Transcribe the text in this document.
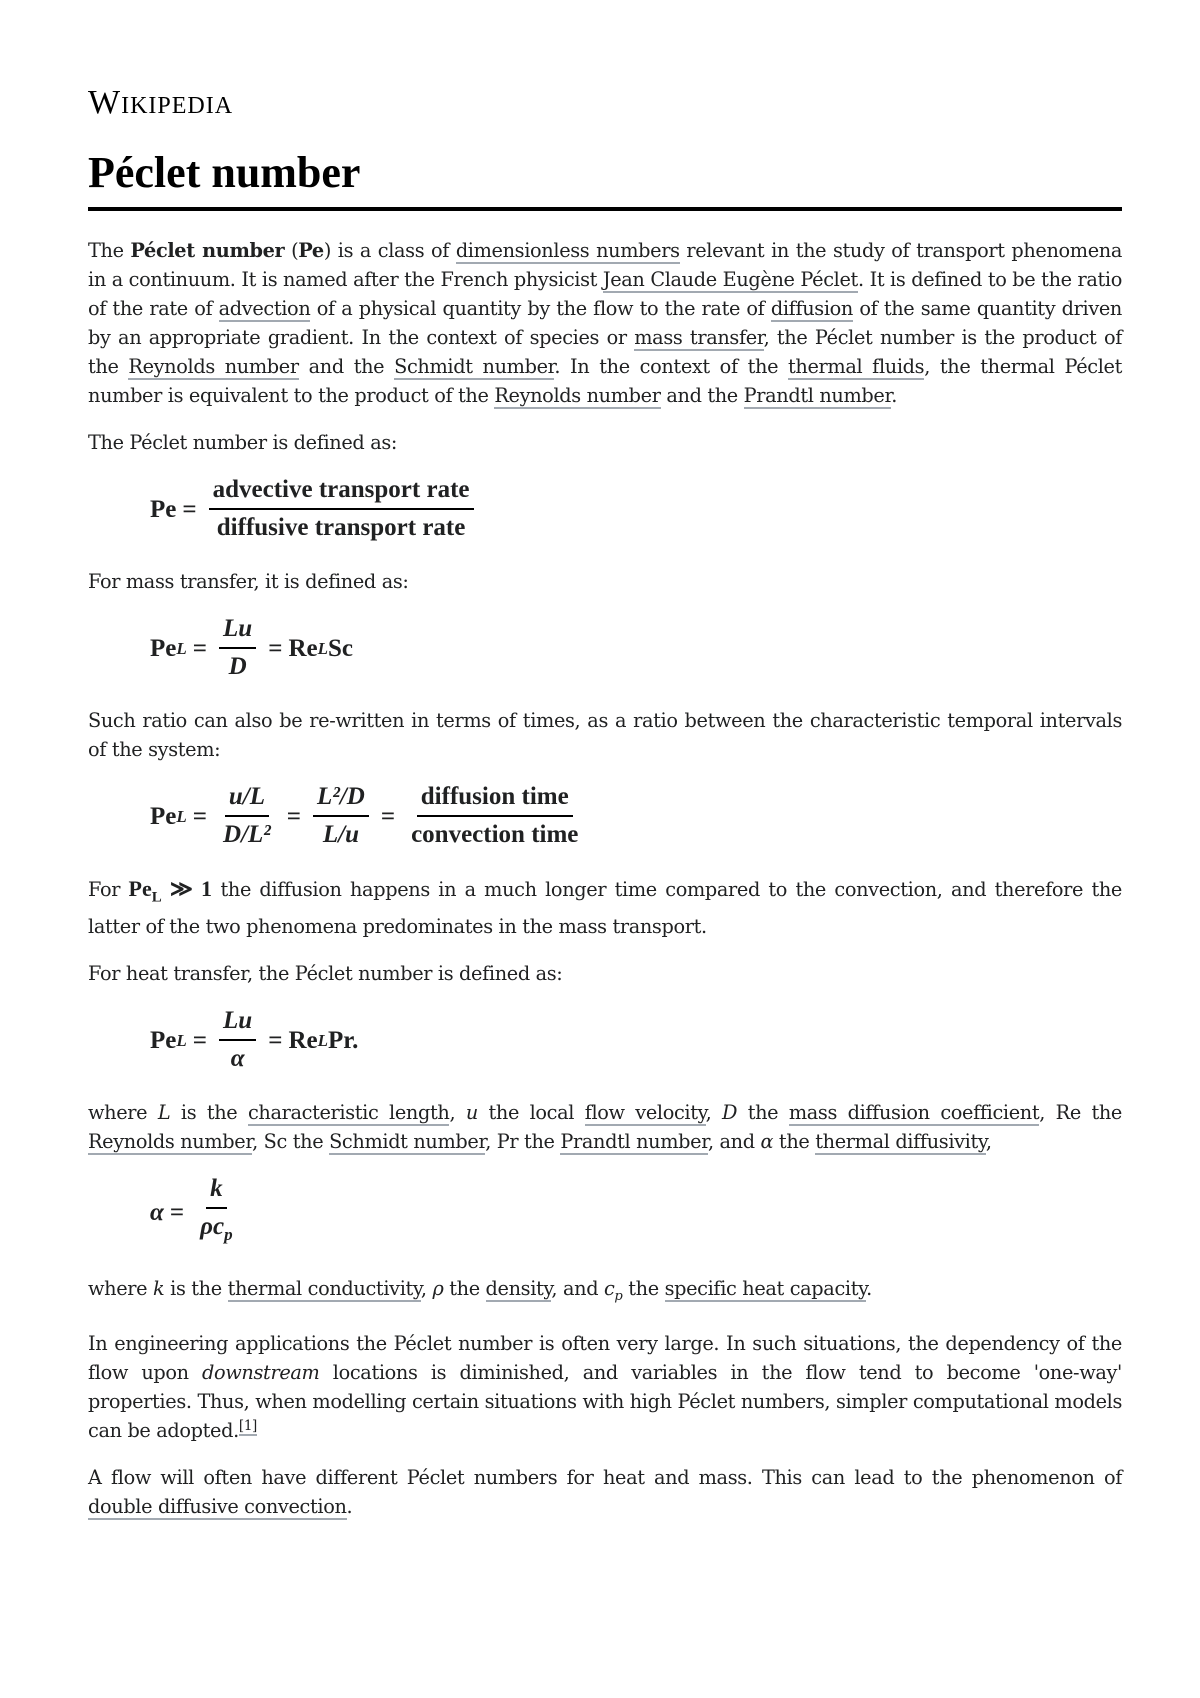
Wikipedia
Péclet number

The Péclet number (Pe) is a class of dimensionless numbers relevant in the study of transport phenomena in a continuum. It is named after the French physicist Jean Claude Eugène Péclet. It is defined to be the ratio of the rate of advection of a physical quantity by the flow to the rate of diffusion of the same quantity driven by an appropriate gradient. In the context of species or mass transfer, the Péclet number is the product of the Reynolds number and the Schmidt number. In the context of the thermal fluids, the thermal Péclet number is equivalent to the product of the Reynolds number and the Prandtl number.

The Péclet number is defined as:

$Pe = \frac{\text{advective transport rate}}{\text{diffusive transport rate}}$

For mass transfer, it is defined as:

Pe $L = \frac{Lu}{D} = Re$ L Sc

Such ratio can also be re-written in terms of times, as a ratio between the characteristic temporal intervals of the system:

Pe $L = \frac{u/L}{\text{D/L²}} = \frac{\text{L²/D}}{L/u} = \frac{\text{diffusion time}}{\text{convection time}}$

For $Pe_L$ ≫ 1 the diffusion happens in a much longer time compared to the convection, and therefore the latter of the two phenomena predominates in the mass transport.

For heat transfer, the Péclet number is defined as:

Pe $L = \frac{Lu}{\alpha} = Re$ L Pr.

where L is the characteristic length, u the local flow velocity, D the mass diffusion coefficient, Re the Reynolds number, Sc the Schmidt number, Pr the Prandtl number, and α the thermal diffusivity,

$\alpha = \frac{k}{\rho c_p}$

where k is the thermal conductivity, ρ the density, and $c_p$ the specific heat capacity.

In engineering applications the Péclet number is often very large. In such situations, the dependency of the flow upon downstream locations is diminished, and variables in the flow tend to become 'one-way' properties. Thus, when modelling certain situations with high Péclet numbers, simpler computational models can be adopted.[1]

A flow will often have different Péclet numbers for heat and mass. This can lead to the phenomenon of double diffusive convection.
